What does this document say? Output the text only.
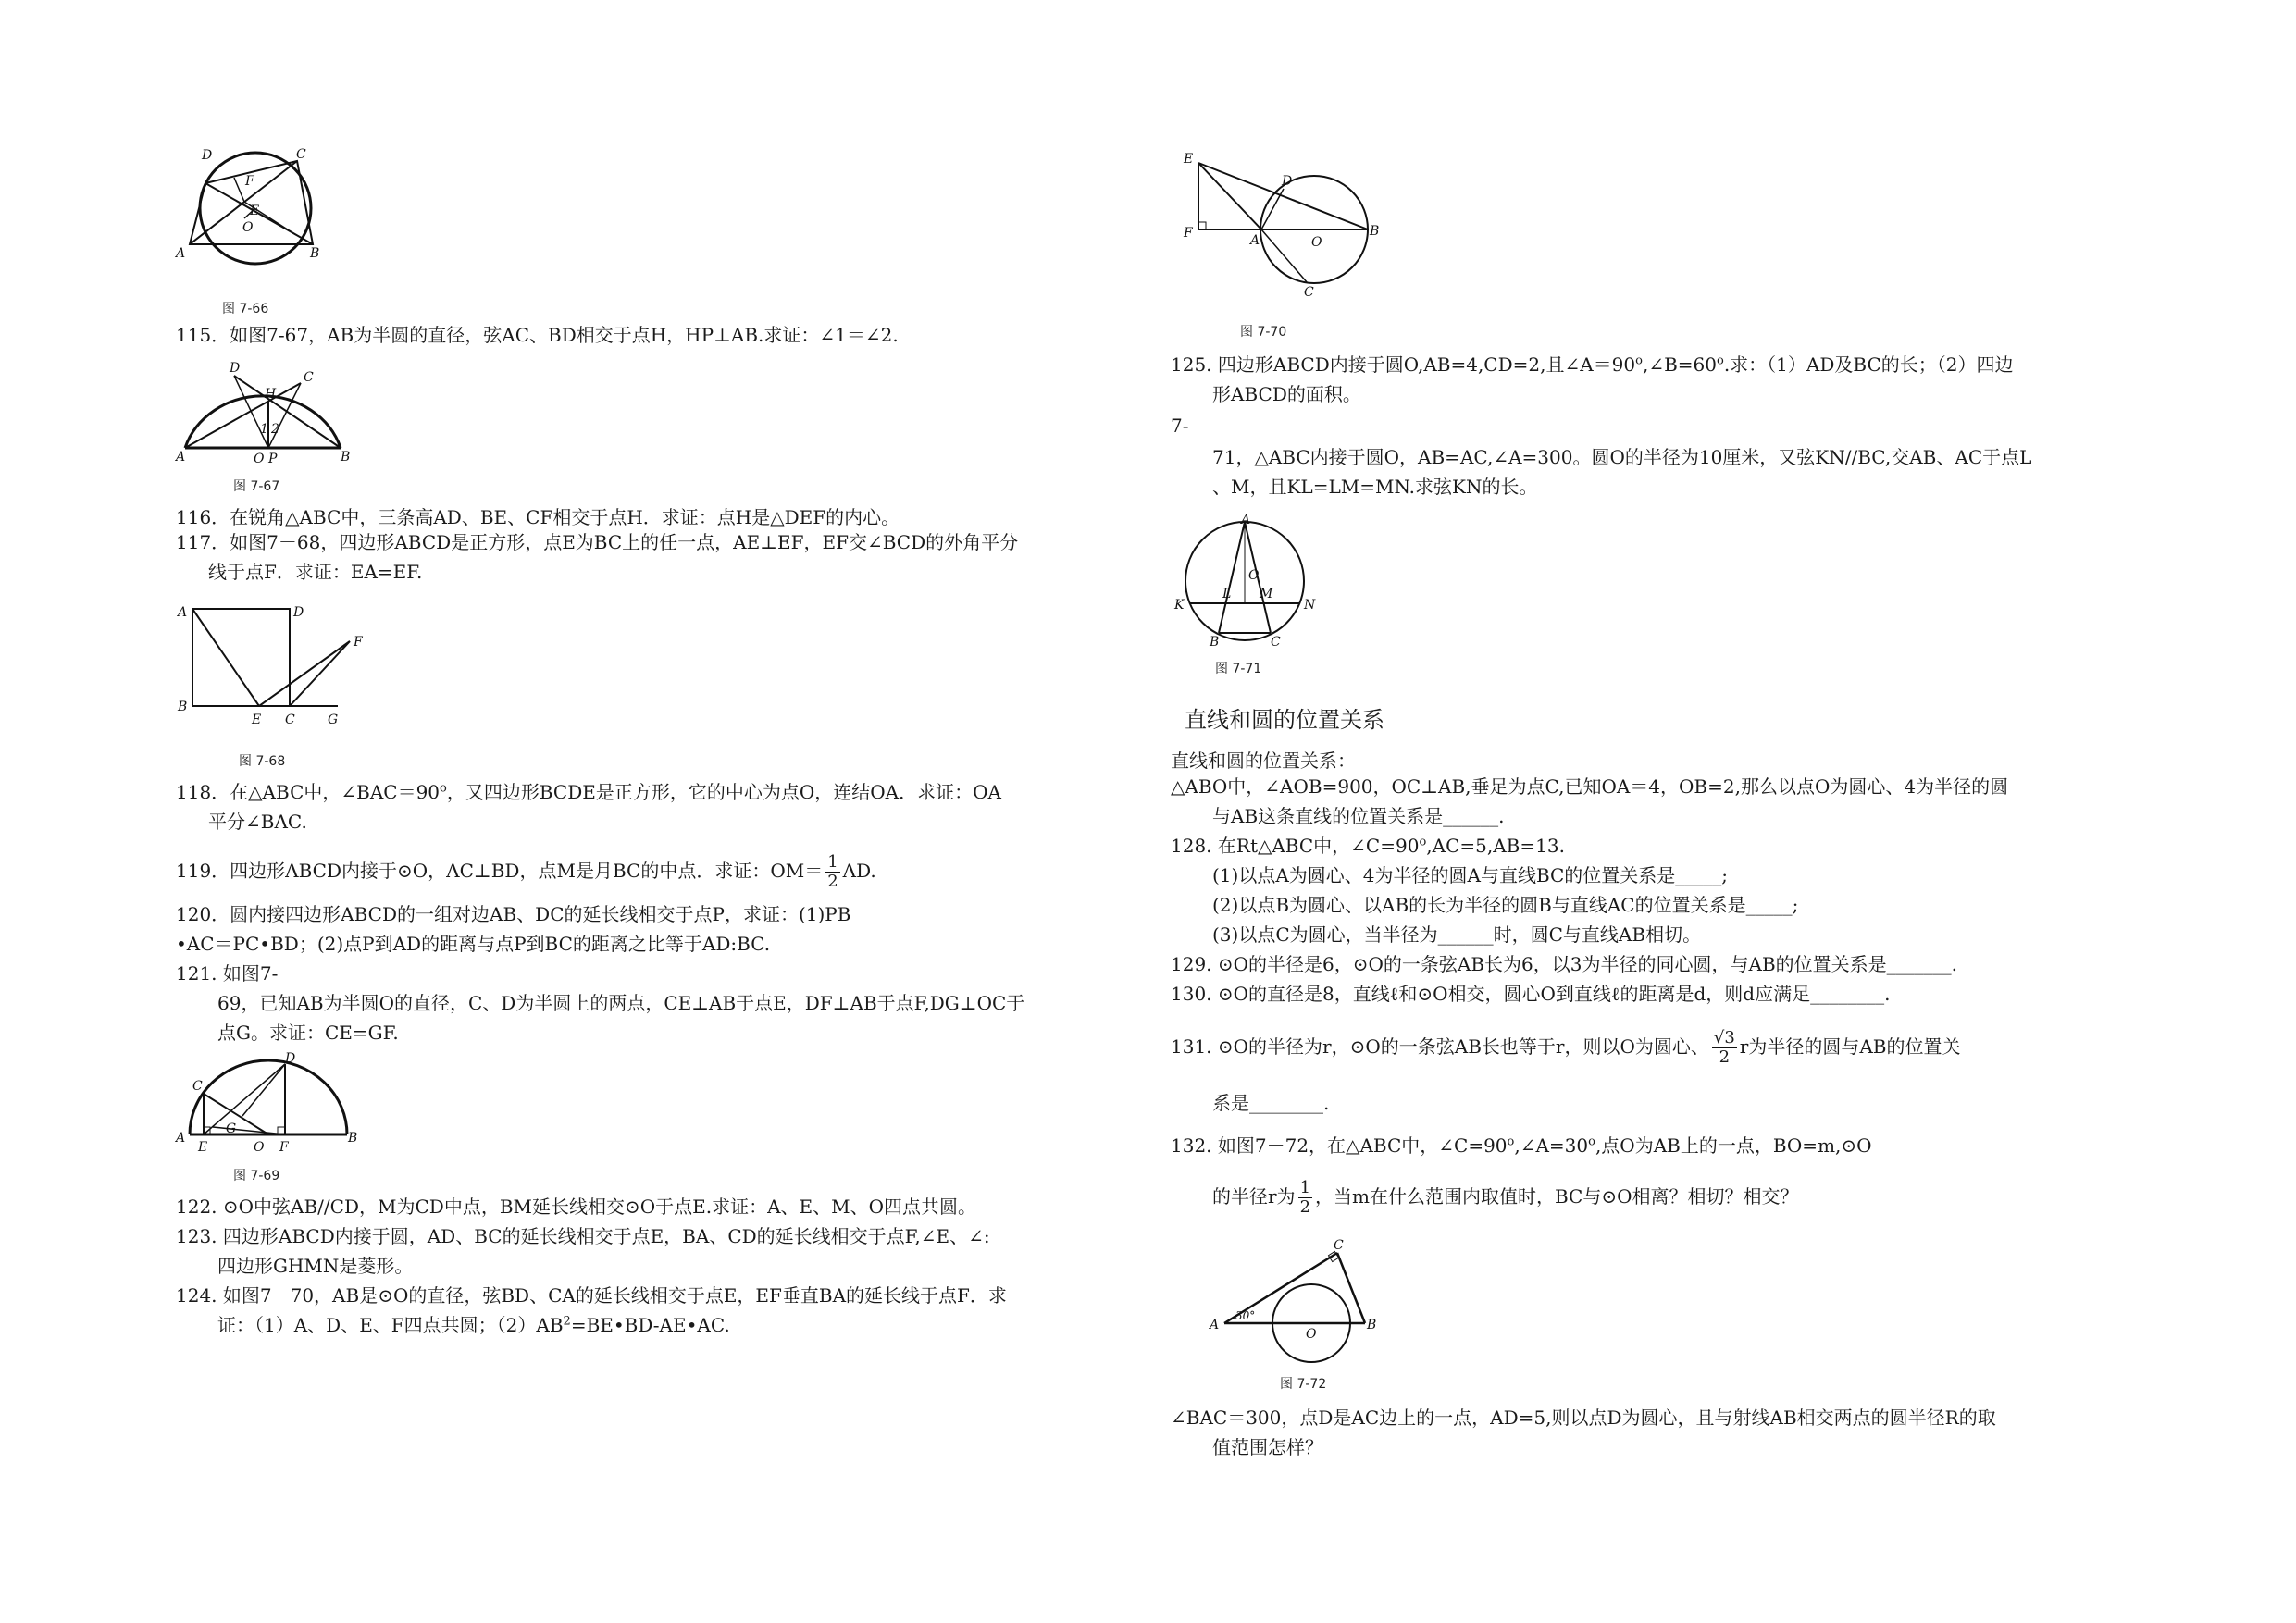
D	C
F
E
O
A	B
图 7-66
115．如图7-67，AB为半圆的直径，弦AC、BD相交于点H，HP⊥AB.求证：∠1＝∠2.
D
H
C
1 2
A	O P	B
图 7-67
116．在锐角△ABC中，三条高AD、BE、CF相交于点H．求证：点H是△DEF的内心。
117．如图7－68，四边形ABCD是正方形，点E为BC上的任一点，AE⊥EF，EF交∠BCD的外角平分
线于点F．求证：EA=EF.
A	D
F
B
E C	G
图 7-68
118．在△ABC中，$\angle BAC=90^o$，又四边形BCDE是正方形，它的中心为点O，连结OA．求证：OA
平分∠BAC.
119．四边形ABCD内接于⊙O，AC⊥BD，点M是月BC的中点．求证：$OM= \frac{1}{2}$ AD.
120．圆内接四边形ABCD的一组对边AB、DC的延长线相交于点P，求证：(1)PB
•AC＝PC•BD；(2)点P到AD的距离与点P到BC的距离之比等于AD:BC.
121. 如图7-
69，已知AB为半圆O的直径，C、D为半圆上的两点，CE⊥AB于点E，DF⊥AB于点F,DG⊥OC于
点G。求证：CE=GF.
D
C
A
E
G
O F
B
图 7-69
122. ⊙O中弦AB//CD，M为CD中点，BM延长线相交⊙O于点E.求证：A、E、M、O四点共圆。
123. 四边形ABCD内接于圆，AD、BC的延长线相交于点E，BA、CD的延长线相交于点F,∠E、∠:
四边形GHMN是菱形。
124. 如图7－70，AB是⊙O的直径，弦BD、CA的延长线相交于点E，EF垂直BA的延长线于点F．求
证：（1）A、D、E、F四点共圆；$(2)AB^2=BE•BD-AE•AC$.
E
D
F	A	O
B
C
图 7-70
125. 四边形ABCD内接于圆O,AB=4,CD=2,且$\angle A=90^o,\angle B=60^o$.求：（1）AD及BC的长；（2）四边
形ABCD的面积。
7-
71，△ABC内接于圆O，AB=AC,∠A=300。圆O的半径为10厘米，又弦KN//BC,交AB、AC于点L
、M，且KL=LM=MN.求弦KN的长。
A
O
K
L M
N
B	C
图 7-71
直线和圆的位置关系
直线和圆的位置关系：
△ABO中，∠AOB=900，OC⊥AB,垂足为点C,已知OA＝4，OB=2,那么以点O为圆心、4为半径的圆
与AB这条直线的位置关系是______.
128. 在Rt△ABC中，$\angle C=90^o,AC=5,AB=13$.
(1)以点A为圆心、4为半径的圆A与直线BC的位置关系是_____;
(2)以点B为圆心、以AB的长为半径的圆B与直线AC的位置关系是_____;
(3)以点C为圆心，当半径为______时，圆C与直线AB相切。
129. ⊙O的半径是6，⊙O的一条弦AB长为6，以3为半径的同心圆，与AB的位置关系是_______.
130. ⊙O的直径是8，直线ℓ和⊙O相交，圆心O到直线ℓ的距离是d，则d应满足________.
131. ⊙O的半径为r，⊙O的一条弦AB长也等于r，则以O为圆心、 $\frac{√3}{2}$ r为半径的圆与AB的位置关
系是________.
132. 如图7－72，在△ABC中，$\angle C=90^o,\angle A=30^o$,点O为AB上的一点，BO=m,⊙O
的半径r为 $\frac{1}{2}$ ，当m在什么范围内取值时，BC与⊙O相离？相切？相交？
C
A
30°
O
B
图 7-72
∠BAC＝300，点D是AC边上的一点，AD=5,则以点D为圆心，且与射线AB相交两点的圆半径R的取
值范围怎样？
